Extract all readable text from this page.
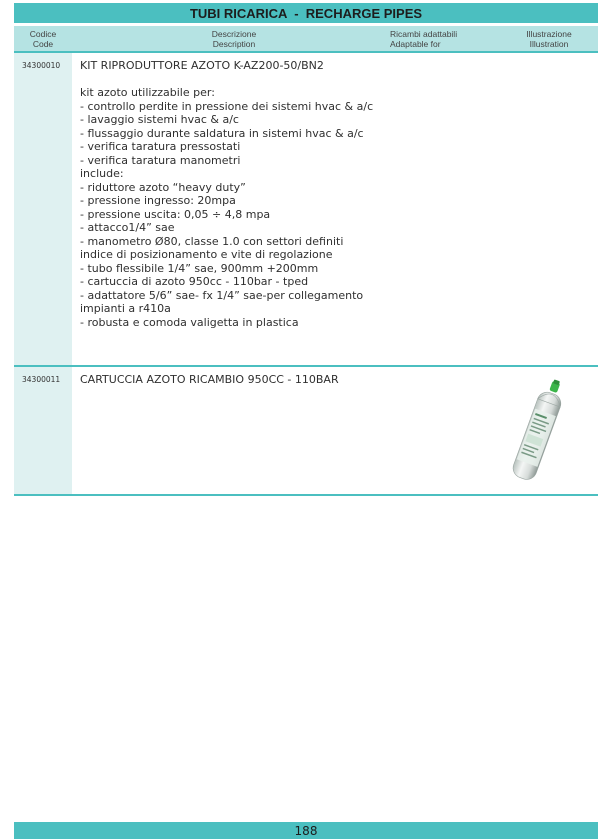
TUBI RICARICA  -  RECHARGE PIPES
Codice
Code
Descrizione
Description
Ricambi adattabili
Adaptable for
Illustrazione
Illustration
34300010 KIT RIPRODUTTORE AZOTO K-AZ200-50/BN2
kit azoto utilizzabile per:
- controllo perdite in pressione dei sistemi hvac & a/c
- lavaggio sistemi hvac & a/c
- flussaggio durante saldatura in sistemi hvac & a/c
- verifica taratura pressostati
- verifica taratura manometri
include:
- riduttore azoto “heavy duty”
- pressione ingresso: 20mpa
- pressione uscita: 0,05 ÷ 4,8 mpa
- attacco1/4” sae
- manometro Ø80, classe 1.0 con settori definiti
indice di posizionamento e vite di regolazione
- tubo flessibile 1/4” sae, 900mm +200mm
- cartuccia di azoto 950cc - 110bar - tped
- adattatore 5/6” sae- fx 1/4” sae-per collegamento
impianti a r410a
- robusta e comoda valigetta in plastica
34300011 CARTUCCIA AZOTO RICAMBIO 950CC - 110BAR
188
